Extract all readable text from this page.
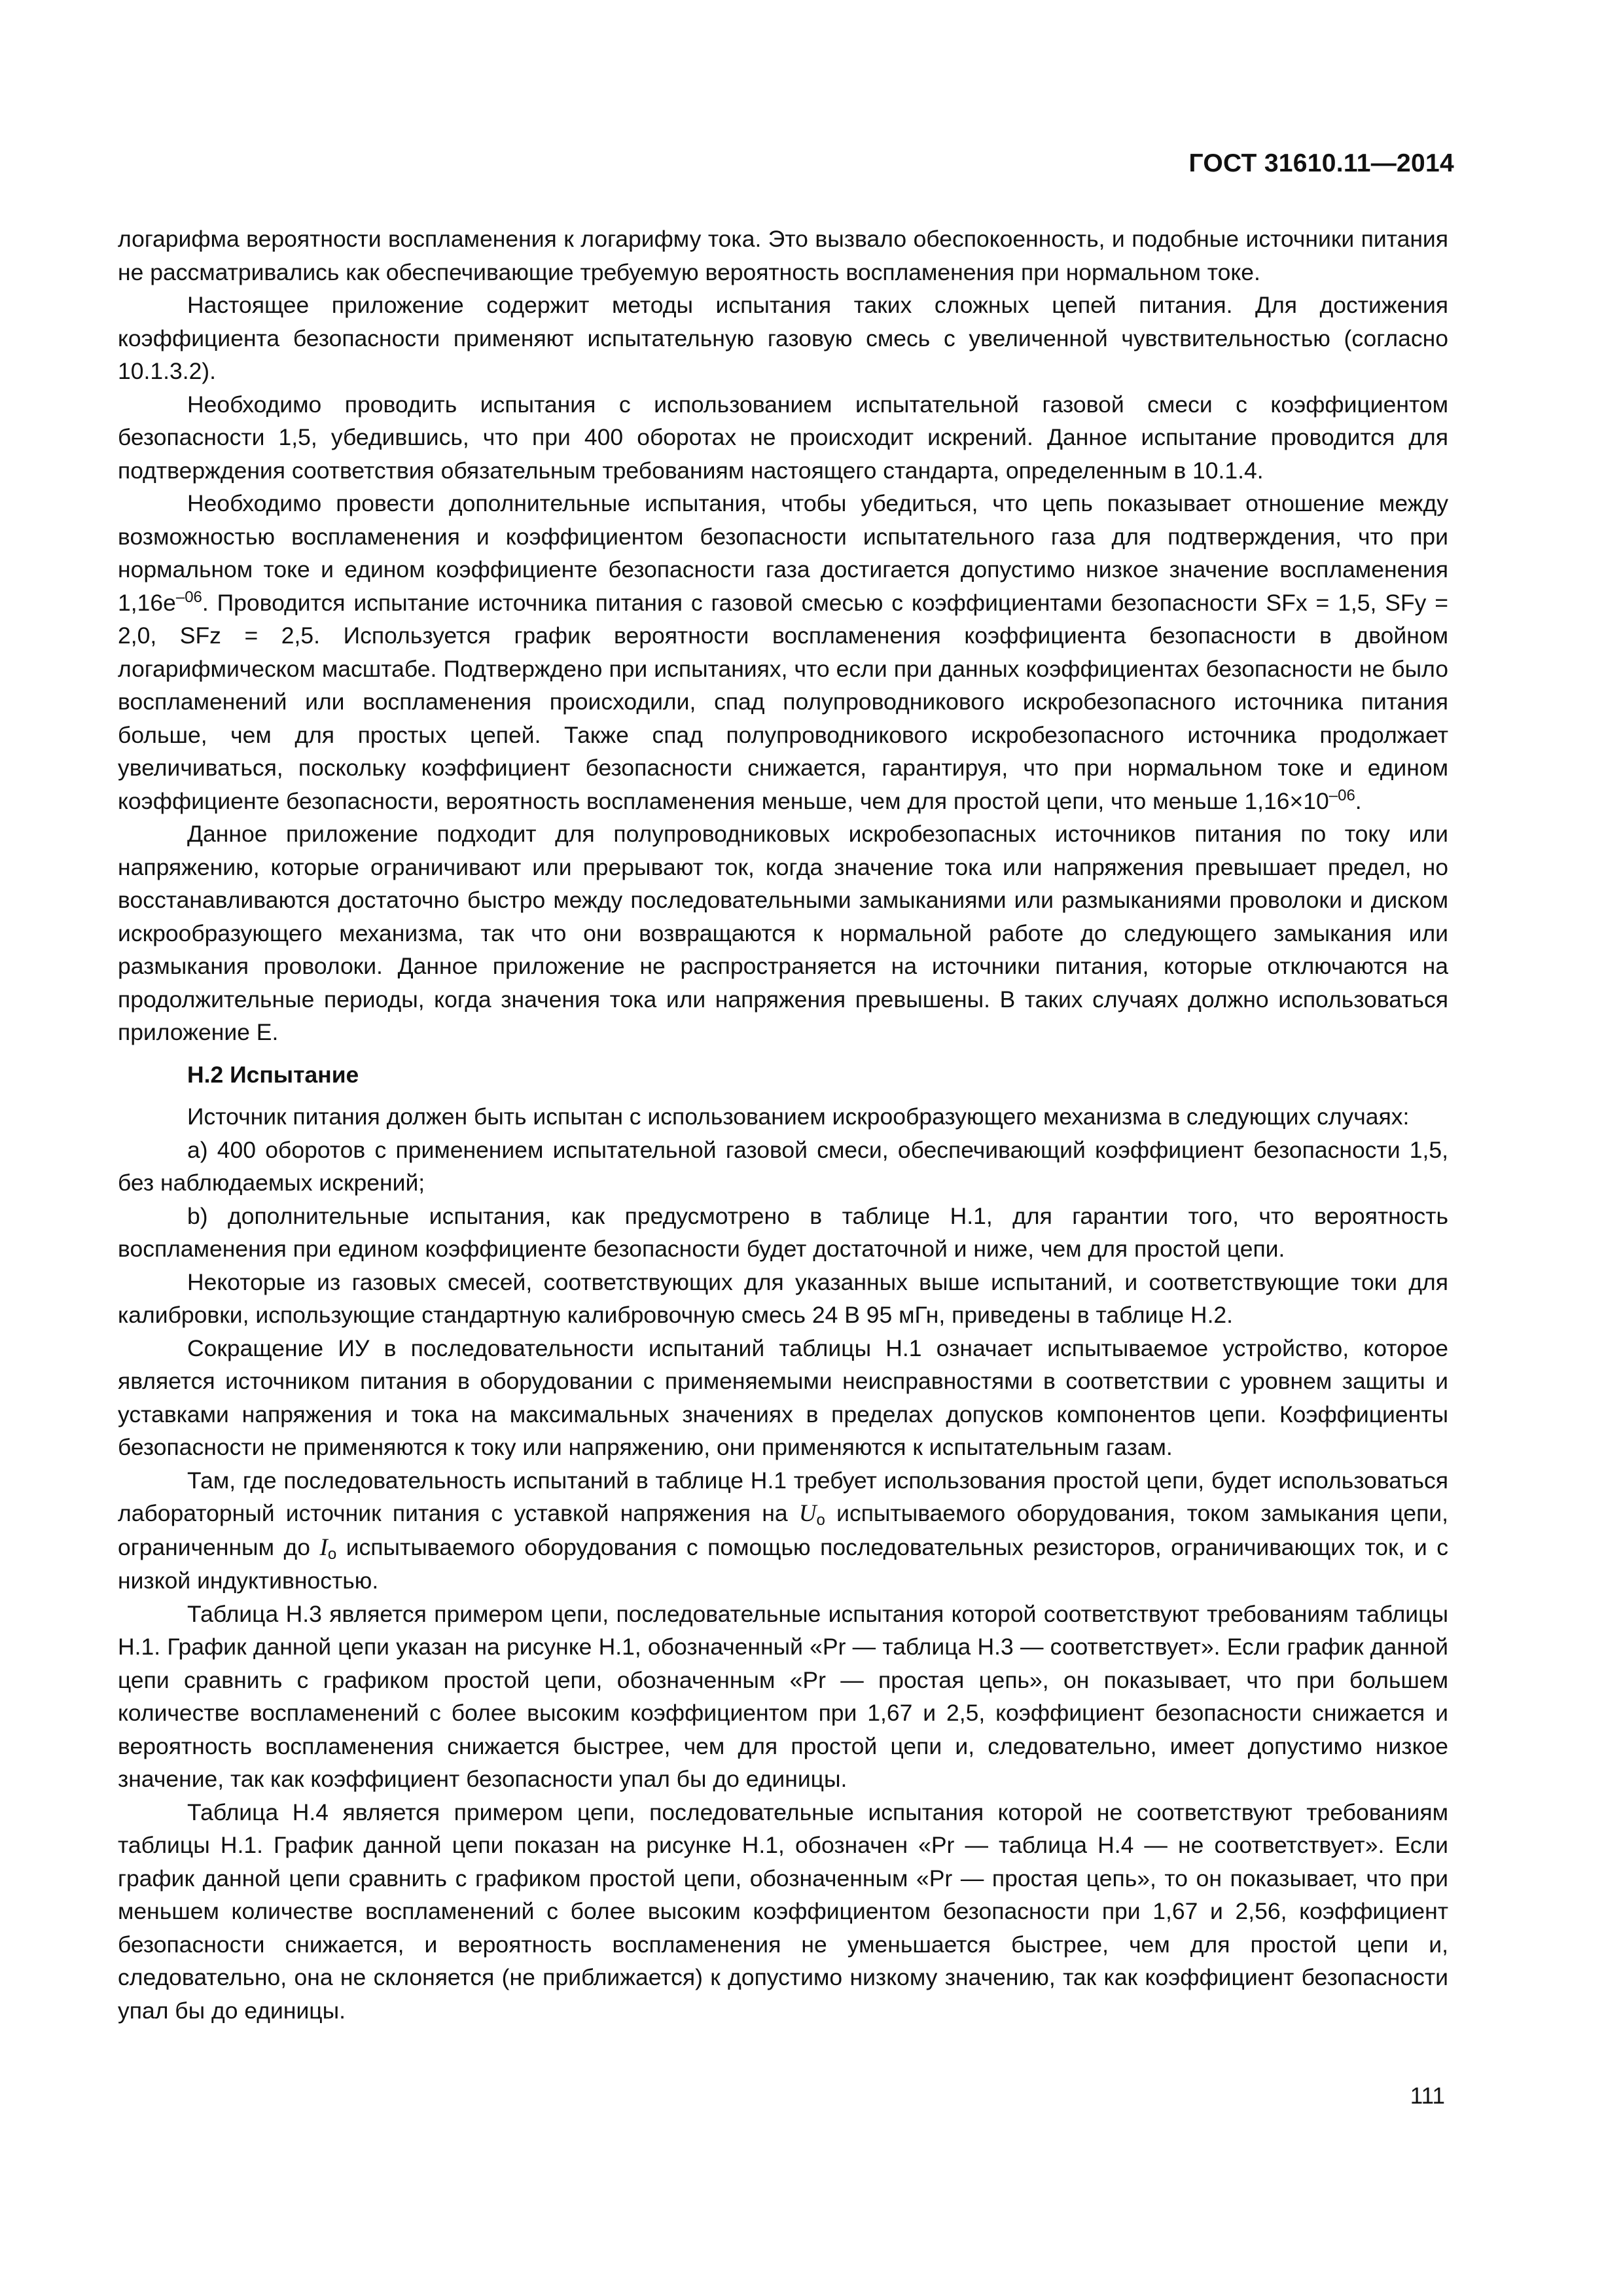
ГОСТ 31610.11—2014

логарифма вероятности воспламенения к логарифму тока. Это вызвало обеспокоенность, и подобные источники питания не рассматривались как обеспечивающие требуемую вероятность воспламенения при нормальном токе.

Настоящее приложение содержит методы испытания таких сложных цепей питания. Для достижения коэффициента безопасности применяют испытательную газовую смесь с увеличенной чувствительностью (согласно 10.1.3.2).

Необходимо проводить испытания с использованием испытательной газовой смеси с коэффициентом безопасности 1,5, убедившись, что при 400 оборотах не происходит искрений. Данное испытание проводится для подтверждения соответствия обязательным требованиям настоящего стандарта, определенным в 10.1.4.

Необходимо провести дополнительные испытания, чтобы убедиться, что цепь показывает отношение между возможностью воспламенения и коэффициентом безопасности испытательного газа для подтверждения, что при нормальном токе и едином коэффициенте безопасности газа достигается допустимо низкое значение воспламенения $1,16е^{-06}$. Проводится испытание источника питания с газовой смесью с коэффициентами безопасности SFx = 1,5, SFy = 2,0, SFz = 2,5. Используется график вероятности воспламенения коэффициента безопасности в двойном логарифмическом масштабе. Подтверждено при испытаниях, что если при данных коэффициентах безопасности не было воспламенений или воспламенения происходили, спад полупроводникового искробезопасного источника питания больше, чем для простых цепей. Также спад полупроводникового искробезопасного источника продолжает увеличиваться, поскольку коэффициент безопасности снижается, гарантируя, что при нормальном токе и едином коэффициенте безопасности, вероятность воспламенения меньше, чем для простой цепи, что меньше $1,16\times 10^{-06}$.

Данное приложение подходит для полупроводниковых искробезопасных источников питания по току или напряжению, которые ограничивают или прерывают ток, когда значение тока или напряжения превышает предел, но восстанавливаются достаточно быстро между последовательными замыканиями или размыканиями проволоки и диском искрообразующего механизма, так что они возвращаются к нормальной работе до следующего замыкания или размыкания проволоки. Данное приложение не распространяется на источники питания, которые отключаются на продолжительные периоды, когда значения тока или напряжения превышены. В таких случаях должно использоваться приложение Е.

Н.2 Испытание

Источник питания должен быть испытан с использованием искрообразующего механизма в следующих случаях:

а) 400 оборотов с применением испытательной газовой смеси, обеспечивающий коэффициент безопасности 1,5, без наблюдаемых искрений;

b) дополнительные испытания, как предусмотрено в таблице Н.1, для гарантии того, что вероятность воспламенения при едином коэффициенте безопасности будет достаточной и ниже, чем для простой цепи.

Некоторые из газовых смесей, соответствующих для указанных выше испытаний, и соответствующие токи для калибровки, использующие стандартную калибровочную смесь 24 В 95 мГн, приведены в таблице Н.2.

Сокращение ИУ в последовательности испытаний таблицы Н.1 означает испытываемое устройство, которое является источником питания в оборудовании с применяемыми неисправностями в соответствии с уровнем защиты и уставками напряжения и тока на максимальных значениях в пределах допусков компонентов цепи. Коэффициенты безопасности не применяются к току или напряжению, они применяются к испытательным газам.

Там, где последовательность испытаний в таблице Н.1 требует использования простой цепи, будет использоваться лабораторный источник питания с уставкой напряжения на $U_o$ испытываемого оборудования, током замыкания цепи, ограниченным до $I_o$ испытываемого оборудования с помощью последовательных резисторов, ограничивающих ток, и с низкой индуктивностью.

Таблица Н.3 является примером цепи, последовательные испытания которой соответствуют требованиям таблицы Н.1. График данной цепи указан на рисунке Н.1, обозначенный «Pr — таблица Н.3 — соответствует». Если график данной цепи сравнить с графиком простой цепи, обозначенным «Pr — простая цепь», он показывает, что при большем количестве воспламенений с более высоким коэффициентом при 1,67 и 2,5, коэффициент безопасности снижается и вероятность воспламенения снижается быстрее, чем для простой цепи и, следовательно, имеет допустимо низкое значение, так как коэффициент безопасности упал бы до единицы.

Таблица Н.4 является примером цепи, последовательные испытания которой не соответствуют требованиям таблицы Н.1. График данной цепи показан на рисунке Н.1, обозначен «Pr — таблица Н.4 — не соответствует». Если график данной цепи сравнить с графиком простой цепи, обозначенным «Pr — простая цепь», то он показывает, что при меньшем количестве воспламенений с более высоким коэффициентом безопасности при 1,67 и 2,56, коэффициент безопасности снижается, и вероятность воспламенения не уменьшается быстрее, чем для простой цепи и, следовательно, она не склоняется (не приближается) к допустимо низкому значению, так как коэффициент безопасности упал бы до единицы.

111
